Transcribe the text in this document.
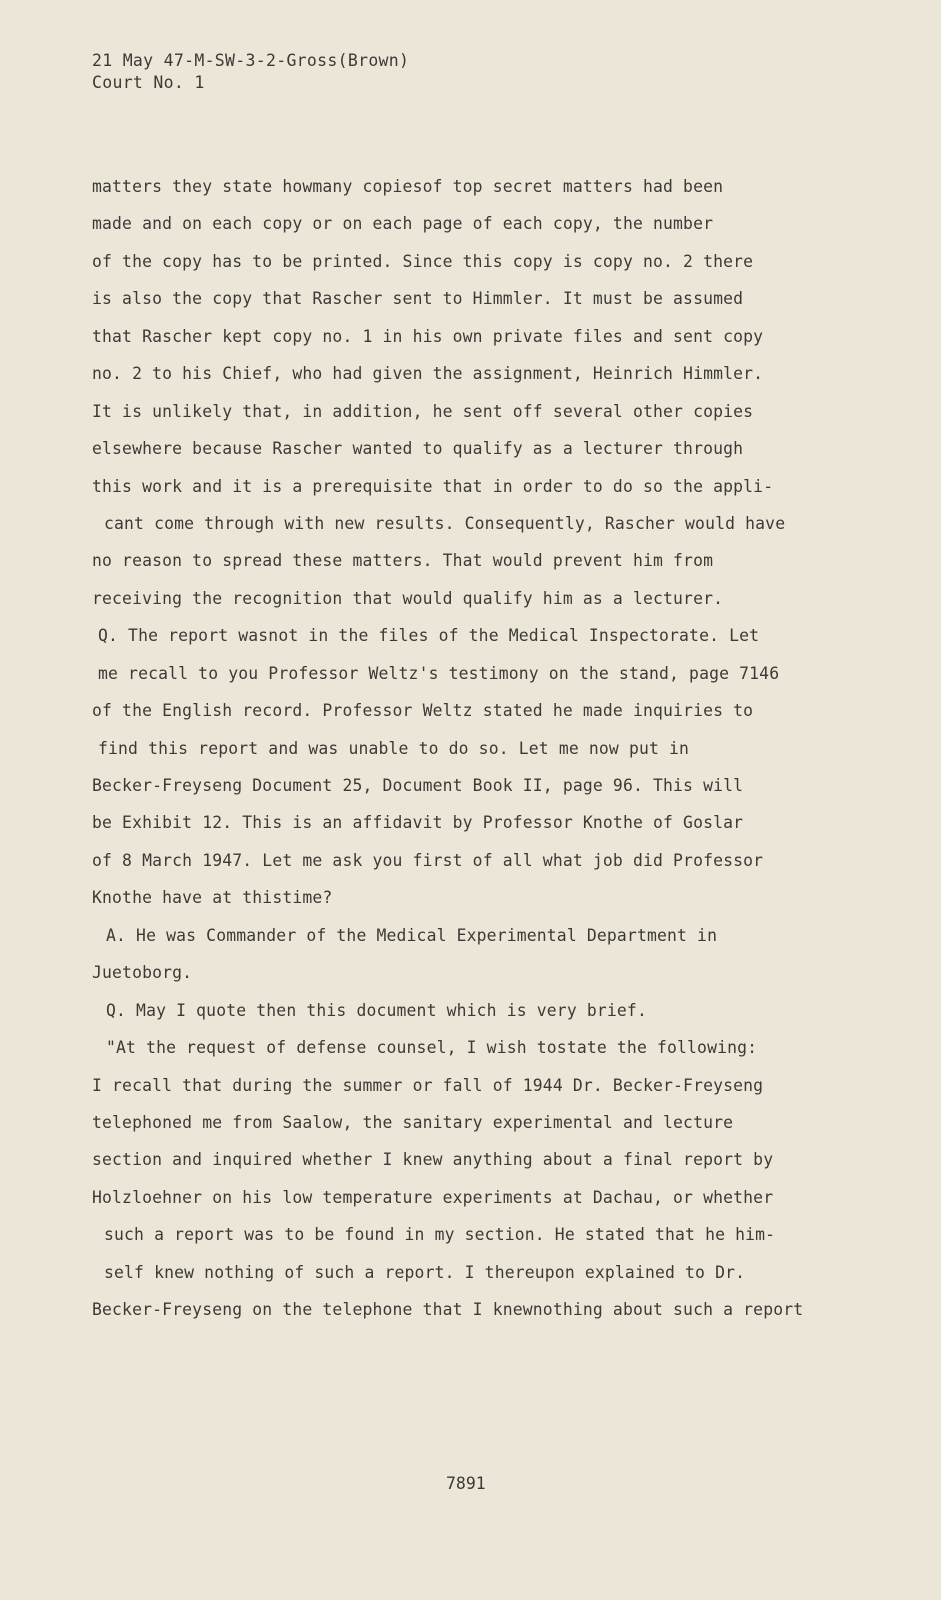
21 May 47-M-SW-3-2-Gross(Brown)
Court No. 1
matters they state howmany copiesof top secret matters had been
made and on each copy or on each page of each copy, the number
of the copy has to be printed. Since this copy is copy no. 2 there
is also the copy that Rascher sent to Himmler. It must be assumed
that Rascher kept copy no. 1 in his own private files and sent copy
no. 2 to his Chief, who had given the assignment, Heinrich Himmler.
It is unlikely that, in addition, he sent off several other copies
elsewhere because Rascher wanted to qualify as a lecturer through
this work and it is a prerequisite that in order to do so the appli-
cant come through with new results. Consequently, Rascher would have
no reason to spread these matters. That would prevent him from
receiving the recognition that would qualify him as a lecturer.
Q. The report wasnot in the files of the Medical Inspectorate. Let
me recall to you Professor Weltz's testimony on the stand, page 7146
of the English record. Professor Weltz stated he made inquiries to
find this report and was unable to do so. Let me now put in
Becker-Freyseng Document 25, Document Book II, page 96. This will
be Exhibit 12. This is an affidavit by Professor Knothe of Goslar
of 8 March 1947. Let me ask you first of all what job did Professor
Knothe have at thistime?
A. He was Commander of the Medical Experimental Department in
Juetoborg.
Q. May I quote then this document which is very brief.
"At the request of defense counsel, I wish tostate the following:
I recall that during the summer or fall of 1944 Dr. Becker-Freyseng
telephoned me from Saalow, the sanitary experimental and lecture
section and inquired whether I knew anything about a final report by
Holzloehner on his low temperature experiments at Dachau, or whether
such a report was to be found in my section. He stated that he him-
self knew nothing of such a report. I thereupon explained to Dr.
Becker-Freyseng on the telephone that I knewnothing about such a report
7891
